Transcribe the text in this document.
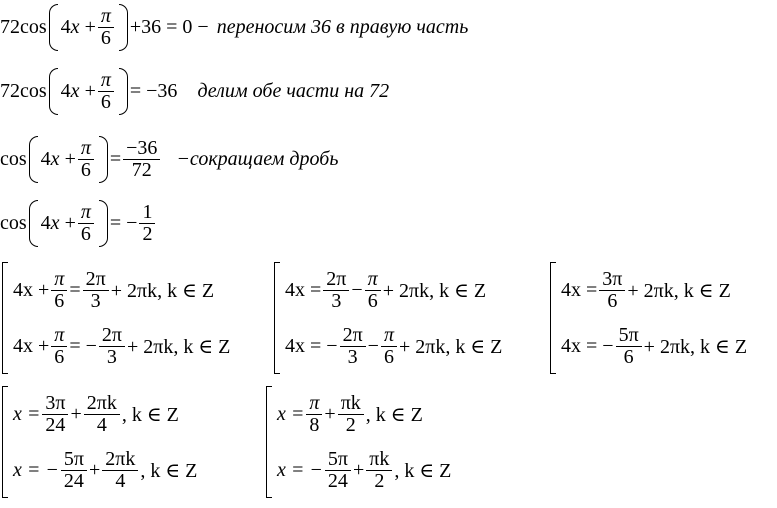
72 cos 4 $x + \frac{\pi}{6} +36 = 0$ − переносим 36 в правую часть
72 cos 4 $x + \frac{\pi}{6} = -36$ делим обе части на 72
cos 4 $x + \frac{\pi}{6} = \frac{-36}{72}$ −сокращаем дробь
cos 4 $x + \frac{\pi}{6}$ = − $\frac{1}{2}$
$4x + \frac{\pi}{6} = \frac{2\pi}{3} + 2\pi k$, k ∈ Z
$4x + \frac{\pi}{6}$ = − $\frac{2\pi}{3} + 2\pi k$, k ∈ Z
$4x = \frac{2\pi}{3} - \frac{\pi}{6} + 2\pi k$, k ∈ Z
4x = − $\frac{2\pi}{3} - \frac{\pi}{6} + 2\pi k$, k ∈ Z
$4x = \frac{3\pi}{6} + 2\pi k$, k ∈ Z
4x = − $\frac{5\pi}{6} + 2\pi k$, k ∈ Z
$x = \frac{3\pi}{24} + \frac{2\pi k}{4}$ , k ∈ Z
x = − $\frac{5\pi}{24} + \frac{2\pi k}{4}$ , k ∈ Z
$x = \frac{\pi}{8} + \frac{\pi k}{2}$ , k ∈ Z
x = − $\frac{5\pi}{24} + \frac{\pi k}{2}$ , k ∈ Z
